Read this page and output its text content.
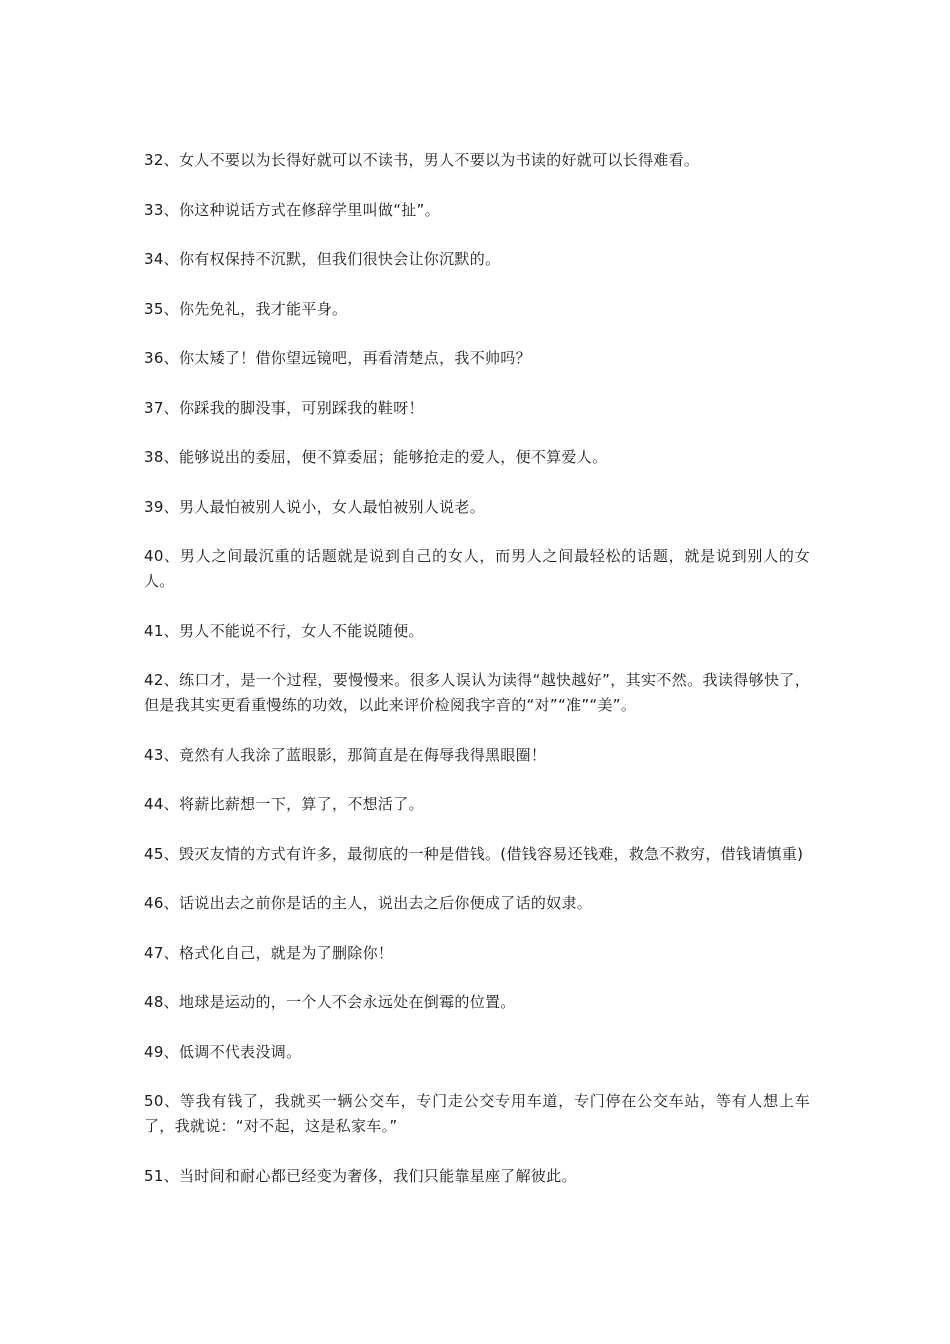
32、女人不要以为长得好就可以不读书，男人不要以为书读的好就可以长得难看。
33、你这种说话方式在修辞学里叫做“扯”。
34、你有权保持不沉默，但我们很快会让你沉默的。
35、你先免礼，我才能平身。
36、你太矮了！借你望远镜吧，再看清楚点，我不帅吗？
37、你踩我的脚没事，可别踩我的鞋呀！
38、能够说出的委屈，便不算委屈；能够抢走的爱人，便不算爱人。
39、男人最怕被别人说小，女人最怕被别人说老。
40、男人之间最沉重的话题就是说到自己的女人，而男人之间最轻松的话题，就是说到别人的女人。
41、男人不能说不行，女人不能说随便。
42、练口才，是一个过程，要慢慢来。很多人误认为读得“越快越好”，其实不然。我读得够快了，但是我其实更看重慢练的功效，以此来评价检阅我字音的“对”“准”“美”。
43、竟然有人我涂了蓝眼影，那简直是在侮辱我得黑眼圈！
44、将薪比薪想一下，算了，不想活了。
45、毁灭友情的方式有许多，最彻底的一种是借钱。(借钱容易还钱难，救急不救穷，借钱请慎重)
46、话说出去之前你是话的主人，说出去之后你便成了话的奴隶。
47、格式化自己，就是为了删除你！
48、地球是运动的，一个人不会永远处在倒霉的位置。
49、低调不代表没调。
50、等我有钱了，我就买一辆公交车，专门走公交专用车道，专门停在公交车站，等有人想上车了，我就说：“对不起，这是私家车。”
51、当时间和耐心都已经变为奢侈，我们只能靠星座了解彼此。
